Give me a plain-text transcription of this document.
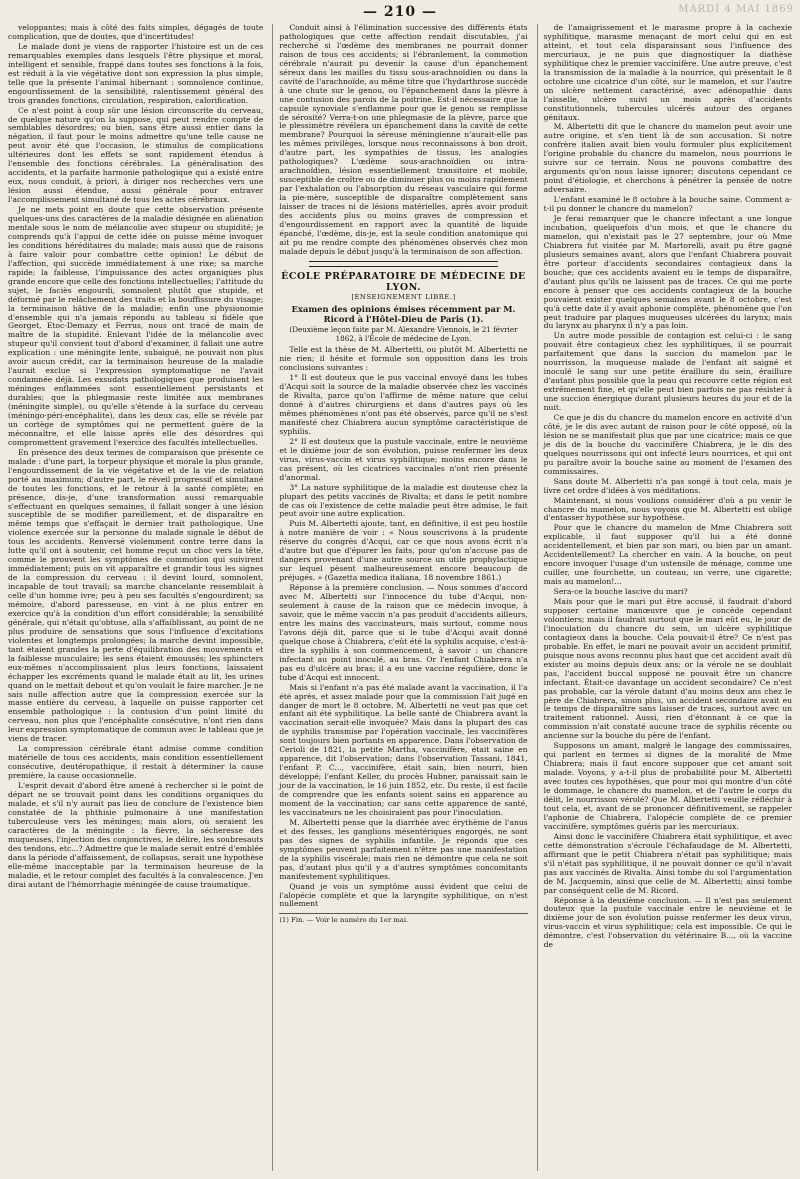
— 210 —	MARDI 4 MAI 1869

veloppantes; mais à côté des faits simples, dégagés de toute complication, que de doutes, que d'incertitudes!

Le malade dont je viens de rapporter l'histoire est un de ces remarquables exemples dans lesquels l'être physique et moral, intelligent et sensible, frappé dans toutes ses fonctions à la fois, est réduit à la vie végétative dont son expression la plus simple, telle que la présente l'animal hibernant : somnolence continue, engourdissement de la sensibilité, ralentissement général des trois grandes fonctions, circulation, respiration, calorification.

Ce n'est point à coup sûr une lésion circonscrite du cerveau, de quelque nature qu'on la suppose, qui peut rendre compte de semblables désordres; ou bien, sans être aussi entier dans la négation, il faut pour le moins admettre qu'une telle cause ne peut avoir été que l'occasion, le stimulus de complications ultérieures dont les effets se sont rapidement étendus à l'ensemble des fonctions cérébrales. La généralisation des accidents, et la parfaite harmonie pathologique qui a existé entre eux, nous conduit, à priori, à diriger nos recherches vers une lésion aussi étendue, aussi générale pour entraver l'accomplissement simultané de tous les actes cérébraux.

Je ne mets point en doute que cette observation présente quelques-uns des caractères de la maladie désignée en aliénation mentale sous le nom de mélancolie avec stupeur ou stupidité; je comprends qu'à l'appui de cette idée on puisse même invoquer les conditions héréditaires du malade; mais aussi que de raisons à faire valoir pour combattre cette opinion! Le début de l'affection, qui succède immédiatement à une rixe; sa marche rapide; la faiblesse, l'impuissance des actes organiques plus grande encore que celle des fonctions intellectuelles; l'attitude du sujet, le faciès engourdi, somnolent plutôt que stupide, et déformé par le relâchement des traits et la bouffissure du visage; la terminaison hâtive de la maladie; enfin une physionomie d'ensemble qui n'a jamais répondu au tableau si fidèle que Georget, Etoc-Demazy et Ferrus, nous ont tracé de main de maître de la stupidité. Enlevant l'idée de la mélancolie avec stupeur qu'il convient tout d'abord d'examiner, il fallait une autre explication : une méningite lente, subaiguë, ne pouvait non plus avoir aucun crédit, car la terminaison heureuse de la maladie l'aurait exclue si l'expression symptomatique ne l'avait condamnée déjà. Les exsudats pathologiques que produisent les méninges enflammées sont essentiellement persistants et durables; que la phlegmasie reste limitée aux membranes (méningite simple), ou qu'elle s'étende à la surface du cerveau (méningo-péri-encéphalite), dans les deux cas, elle se révèle par un cortège de symptômes qui ne permettent guère de la méconnaître, et elle laisse après elle des désordres qui compromettent gravement l'exercice des facultés intellectuelles.

En présence des deux termes de comparaison que présente ce malade : d'une part, la torpeur physique et morale la plus grande, l'engourdissement de la vie végétative et de la vie de relation porté au maximum; d'autre part, le réveil progressif et simultané de toutes les fonctions, et le retour à la santé complète; en présence, dis-je, d'une transformation aussi remarquable s'effectuant en quelques semaines, il fallait songer à une lésion susceptible de se modifier pareillement, et de disparaître en même temps que s'effaçait le dernier trait pathologique. Une violence exercée sur la personne du malade signale le début de tous les accidents. Renversé violemment contre terre dans la lutte qu'il ont à soutenir, cet homme reçut un choc vers la tête, comme le prouvent les symptômes de commotion qui suivirent immédiatement; puis on vit apparaître et grandir tous les signes de la compression du cerveau : il devint lourd, somnolent, incapable de tout travail; sa marche chancelante ressemblait à celle d'un homme ivre; peu à peu ses facultés s'engourdirent; sa mémoire, d'abord paresseuse, en vint à ne plus entrer en exercice qu'à la condition d'un effort considérable; la sensibilité générale, qui n'était qu'obtuse, alla s'affaiblissant, au point de ne plus produire de sensations que sous l'influence d'excitations violentes et longtemps prolongées; la marche devint impossible, tant étaient grandes la perte d'équilibration des mouvements et la faiblesse musculaire; les sens étaient émoussés; les sphincters eux-mêmes n'accomplissaient plus leurs fonctions, laissaient échapper les excréments quand le malade était au lit, les urines quand on le mettait debout et qu'on voulait le faire marcher. Je ne sais nulle affection autre que la compression exercée sur la masse entière du cerveau, à laquelle on puisse rapporter cet ensemble pathologique : la contusion d'un point limité du cerveau, non plus que l'encéphalite consécutive, n'ont rien dans leur expression symptomatique de commun avec le tableau que je viens de tracer.

La compression cérébrale étant admise comme condition matérielle de tous ces accidents, mais condition essentiellement consécutive, deutéropathique, il restait à déterminer la cause première, la cause occasionnelle.

L'esprit devait d'abord être amené à rechercher si le point de départ ne se trouvait point dans les conditions organiques du malade, et s'il n'y aurait pas lieu de conclure de l'existence bien constatée de la phthisie pulmonaire à une manifestation tuberculeuse vers les méninges; mais alors, où seraient les caractères de la méningite : la fièvre, la sécheresse des muqueuses, l'injection des conjonctives, le délire, les soubresauts des tendons, etc...? Admettre que le malade serait entré d'emblée dans la période d'affaissement, de collapsus, serait une hypothèse elle-même inacceptable par la terminaison heureuse de la maladie, et le retour complet des facultés à la convalescence. J'en dirai autant de l'hémorrhagie méningée de cause traumatique.

Conduit ainsi à l'élimination successive des différents états pathologiques que cette affection rendait discutables, j'ai recherché si l'œdème des membranes ne pourrait donner raison de tous ces accidents; si l'ébranlement, la commotion cérébrale n'aurait pu devenir la cause d'un épanchement séreux dans les mailles du tissu sous-arachnoïdien ou dans la cavité de l'arachnoïde, au même titre que l'hydarthrose succède à une chute sur le genou, ou l'épanchement dans la plèvre à une contusion des parois de la poitrine. Est-il nécessaire que la capsule synoviale s'enflamme pour que le genou se remplisse de sérosité? Verra-t-on une phlegmasie de la plèvre, parce que le plessimètre révélera un épanchement dans la cavité de cette membrane? Pourquoi la séreuse méningienne n'aurait-elle pas les mêmes privilèges, lorsque nous reconnaissons à bon droit, d'autre part, les sympathies de tissus, les analogies pathologiques? L'œdème sous-arachnoïdien ou intra-arachnoïdien, lésion essentiellement transitoire et mobile, susceptible de croître ou de diminuer plus ou moins rapidement par l'exhalation ou l'absorption du réseau vasculaire qui forme la pie-mère, susceptible de disparaître complètement sans laisser de traces ni de lésions matérielles, après avoir produit des accidents plus ou moins graves de compression et d'engourdissement en rapport avec la quantité de liquide épanché, l'œdème, dis-je, est la seule condition anatomique qui ait pu me rendre compte des phénomènes observés chez mon malade depuis le début jusqu'à la terminaison de son affection.

ÉCOLE PRÉPARATOIRE DE MÉDECINE DE LYON.
[ENSEIGNEMENT LIBRE.]
Examen des opinions émises récemment par M. Ricord à l'Hôtel-Dieu de Paris (1).
(Deuxième leçon faite par M. Alexandre Viennois, le 21 février 1862, à l'École de médecine de Lyon.

Telle est la thèse de M. Albertetti, ou plutôt M. Albertetti ne nie rien; il hésite et formule son opposition dans les trois conclusions suivantes :

1° Il est douteux que le pus vaccinal envoyé dans les tubes d'Acqui soit la source de la maladie observée chez les vaccinés de Rivalta, parce qu'on l'affirme de même nature que celui donné à d'autres chirurgiens et dans d'autres pays où les mêmes phénomènes n'ont pas été observés, parce qu'il ne s'est manifesté chez Chiabrera aucun symptôme caractéristique de syphilis.

2° Il est douteux que la pustule vaccinale, entre le neuvième et le dixième jour de son évolution, puisse renfermer les deux virus, virus-vaccin et virus syphilitique; moins encore dans le cas présent, où les cicatrices vaccinales n'ont rien présenté d'anormal.

3° La nature syphilitique de la maladie est douteuse chez la plupart des petits vaccinés de Rivalta; et dans le petit nombre de cas où l'existence de cette maladie peut être admise, le fait peut avoir une autre explication.

Puis M. Albertetti ajoute, tant, en définitive, il est peu hostile à notre manière de voir : « Nous souscrivons à la prudente réserve du congrès d'Acqui, car ce que nous avons écrit n'a d'autre but que d'épurer les faits, pour qu'on n'accuse pas de dangers provenant d'une autre source un utile prophylactique sur lequel pèsent malheureusement encore beaucoup de préjugés. » (Gazetta medica italiana, 18 novembre 1861.)

Réponse à la première conclusion. — Nous sommes d'accord avec M. Albertetti sur l'innocence du tube d'Acqui, non-seulement à cause de la raison que ce médecin invoque, à savoir, que le même vaccin n'a pas produit d'accidents ailleurs, entre les mains des vaccinateurs, mais surtout, comme nous l'avons déjà dit, parce que si le tube d'Acqui avait donné quelque chose à Chiabrera, c'eût été la syphilis acquise, c'est-à-dire la syphilis à son commencement, à savoir : un chancre infectant au point inoculé, au bras. Or l'enfant Chiabrera n'a pas eu d'ulcère au bras; il a eu une vaccine régulière, donc le tube d'Acqui est innocent.

Mais si l'enfant n'a pas été malade avant la vaccination, il l'a été après, et assez malade pour que la commission l'ait jugé en danger de mort le 8 octobre. M. Albertetti ne veut pas que cet enfant ait été syphilitique. La belle santé de Chiabrera avant la vaccination serait-elle invoquée? Mais dans la plupart des cas de syphilis transmise par l'opération vaccinale, les vaccinifères sont toujours bien portants en apparence. Dans l'observation de Cerioli de 1821, la petite Martha, vaccinifère, était saine en apparence, dit l'observation; dans l'observation Tassani, 1841, l'enfant P. C..., vaccinifère, était sain, bien nourri, bien développé; l'enfant Keller, du procès Hubner, paraissait sain le jour de la vaccination, le 16 juin 1852, etc. Du reste, il est facile de comprendre que les enfants soient sains en apparence au moment de la vaccination; car sans cette apparence de santé, les vaccinateurs ne les choisiraient pas pour l'inoculation.

M. Albertetti pense que la diarrhée avec érythème de l'anus et des fesses, les ganglions mésentériques engorgés, ne sont pas des signes de syphilis infantile. Je réponds que ces symptômes peuvent parfaitement n'être pas une manifestation de la syphilis viscérale; mais rien ne démontre que cela ne soit pas, d'autant plus qu'il y a d'autres symptômes concomitants manifestement syphilitiques.

Quand je vois un symptôme aussi évident que celui de l'alopécie complète et que la laryngite syphilitique, on n'est nullement

(1) Fin. — Voir le numéro du 1er mai.

de l'amaigrissement et le marasme propre à la cachexie syphilitique, marasme menaçant de mort celui qui en est atteint, et tout cela disparaissant sous l'influence des mercuriaux, je ne puis que diagnostiquer la diathèse syphilitique chez le premier vaccinifère. Une autre preuve, c'est la transmission de la maladie à la nourrice, qui présentait le 8 octobre une cicatrice d'un côté, sur le mamelon, et sur l'autre un ulcère nettement caractérisé, avec adénopathie dans l'aisselle, ulcère suivi un mois après d'accidents constitutionnels, tubercules ulcérés autour des organes génitaux.

M. Albertetti dit que le chancre du mamelon peut avoir une autre origine, et s'en tient là de son accusation. Si notre confrère italien avait bien voulu formuler plus explicitement l'origine probable du chancre du mamelon, nous pourrions le suivre sur ce terrain. Nous ne pouvons combattre des arguments qu'on nous laisse ignorer; discutons cependant ce point d'étiologie, et cherchons à pénétrer la pensée de notre adversaire.

L'enfant examiné le 8 octobre à la bouche saine. Comment a-t-il pu donner le chancre du mamelon?

Je ferai remarquer que le chancre infectant a une longue incubation, quelquefois d'un mois, et que le chancre du mamelon, qui n'existait pas le 27 septembre, jour où Mme Chiabrera fut visitée par M. Martorelli, avait pu être gagné plusieurs semaines avant, alors que l'enfant Chiabrera pouvait être porteur d'accidents secondaires contagieux dans la bouche; que ces accidents avaient eu le temps de disparaître, d'autant plus qu'ils ne laissent pas de traces. Ce qui me porte encore à penser que ces accidents contagieux de la bouche pouvaient exister quelques semaines avant le 8 octobre, c'est qu'à cette date il y avait aphonie complète, phénomène que l'on peut traduire par plaques muqueuses ulcérées du larynx; mais du larynx au pharynx il n'y a pas loin.

Un autre mode possible de contagion est celui-ci : le sang pouvait être contagieux chez les syphilitiques, il se pourrait parfaitement que dans la succion du mamelon par le nourrisson, la muqueuse malade de l'enfant ait saigné et inoculé le sang sur une petite éraillure du sein, éraillure d'autant plus possible que la peau qui recouvre cette région est extrêmement fine, et qu'elle peut bien parfois ne pas résister à une succion énergique durant plusieurs heures du jour et de la nuit.

Ce que je dis du chancre du mamelon encore en activité d'un côté, je le dis avec autant de raison pour le côté opposé, où la lésion ne se manifestait plus que par une cicatrice; mais ce que je dis de la bouche du vaccinifère Chiabrera, je le dis des quelques nourrissons qui ont infecté leurs nourrices, et qui ont pu paraître avoir la bouche saine au moment de l'examen des commissaires.

Sans doute M. Albertetti n'a pas songé à tout cela, mais je livre cet ordre d'idées à vos méditations.

Maintenant, si nous voulions considérer d'où a pu venir le chancre du mamelon, nous voyons que M. Albertetti est obligé d'entasser hypothèse sur hypothèse.

Pour que le chancre du mamelon de Mme Chiabrera soit explicable, il faut supposer qu'il lui a été donné accidentellement, et bien par son mari, ou bien par un amant. Accidentellement? La chercher en vain. A la bouche, on peut encore invoquer l'usage d'un ustensile de ménage, comme une cuiller, une fourchette, un couteau, un verre, une cigarette; mais au mamelon!...

Sera-ce la bouche lascive du mari?

Mais pour que le mari put être accusé, il faudrait d'abord supposer certaine manœuvre que je concède cependant volontiers; mais il faudrait surtout que le mari eût eu, le jour de l'inoculation du chancre du sein, un ulcère syphilitique contagieux dans la bouche. Cela pouvait-il être? Ce n'est pas probable. En effet, le mari ne pouvait avoir un accident primitif, puisque nous avons reconnu plus haut que cet accident avait dû exister au moins depuis deux ans; or la vérole ne se doublait pas, l'accident buccal supposé ne pouvait être un chancre infectant. Était-ce davantage un accident secondaire? Ce n'est pas probable, car la vérole datant d'au moins deux ans chez le père de Chiabrera, sinon plus, un accident secondaire avait eu le temps de disparaître sans laisser de traces, surtout avec un traitement rationnel. Aussi, rien d'étonnant à ce que la commission n'ait constaté aucune trace de syphilis récente ou ancienne sur la bouche du père de l'enfant.

Supposons un amant, malgré le langage des commissaires, qui parlent en termes si dignes de la moralité de Mme Chiabrera; mais il faut encore supposer que cet amant soit malade. Voyons, y a-t-il plus de probabilité pour M. Albertetti avec toutes ces hypothèses, que pour moi qui montre d'un côté le dommage, le chancre du mamelon, et de l'autre le corps du délit, le nourrisson vérolé? Que M. Albertetti veuille réfléchir à tout cela, et, avant de se prononcer définitivement, se rappeler l'aphonie de Chiabrera, l'alopécie complète de ce premier vaccinifère, symptômes guéris par les mercuriaux.

Ainsi donc le vaccinifère Chiabrera était syphilitique, et avec cette démonstration s'écroule l'échafaudage de M. Albertetti, affirmant que le petit Chiabrera n'était pas syphilitique; mais s'il n'était pas syphilitique, il ne pouvait donner ce qu'il n'avait pas aux vaccinés de Rivalta. Ainsi tombe du sol l'argumentation de M. Jacquemin, ainsi que celle de M. Albertetti; ainsi tombe par conséquent celle de M. Ricord.

Réponse à la deuxième conclusion. — Il n'est pas seulement douteux que la pustule vaccinale entre le neuvième et le dixième jour de son évolution puisse renfermer les deux virus, virus-vaccin et virus syphilitique; cela est impossible. Ce qui le démontre, c'est l'observation du vétérinaire B..., où la vaccine de
